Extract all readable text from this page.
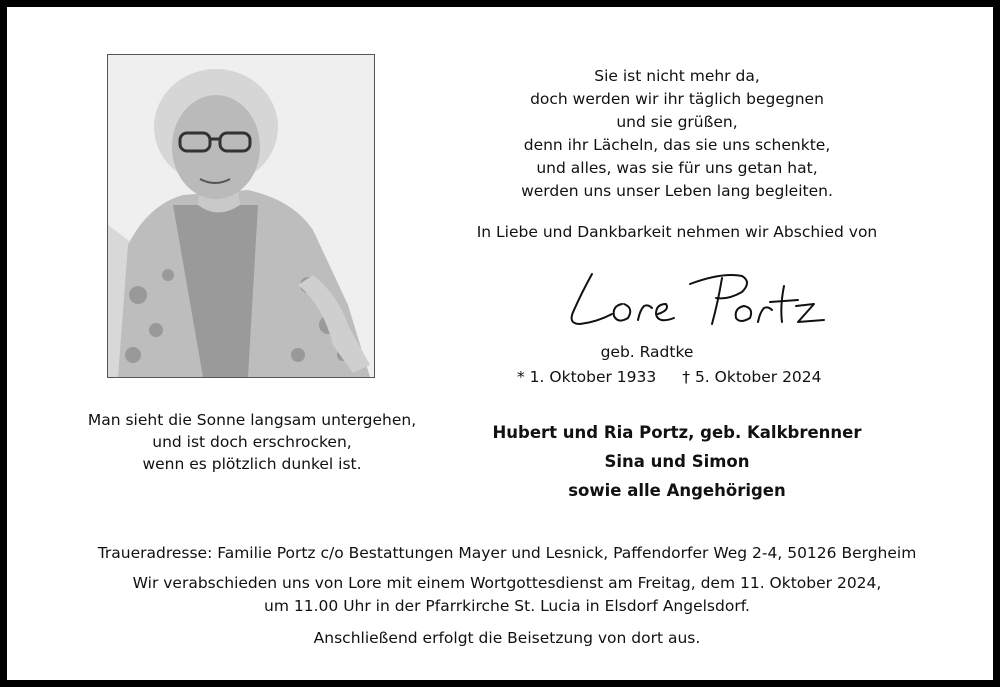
Sie ist nicht mehr da,
doch werden wir ihr täglich begegnen
und sie grüßen,
denn ihr Lächeln, das sie uns schenkte,
und alles, was sie für uns getan hat,
werden uns unser Leben lang begleiten.
In Liebe und Dankbarkeit nehmen wir Abschied von
geb. Radtke
* 1. Oktober 1933 † 5. Oktober 2024
Man sieht die Sonne langsam untergehen,
und ist doch erschrocken,
wenn es plötzlich dunkel ist.
Hubert und Ria Portz, geb. Kalkbrenner
Sina und Simon
sowie alle Angehörigen
Traueradresse: Familie Portz c/o Bestattungen Mayer und Lesnick, Paffendorfer Weg 2-4, 50126 Bergheim
Wir verabschieden uns von Lore mit einem Wortgottesdienst am Freitag, dem 11. Oktober 2024,
um 11.00 Uhr in der Pfarrkirche St. Lucia in Elsdorf Angelsdorf.
Anschließend erfolgt die Beisetzung von dort aus.
